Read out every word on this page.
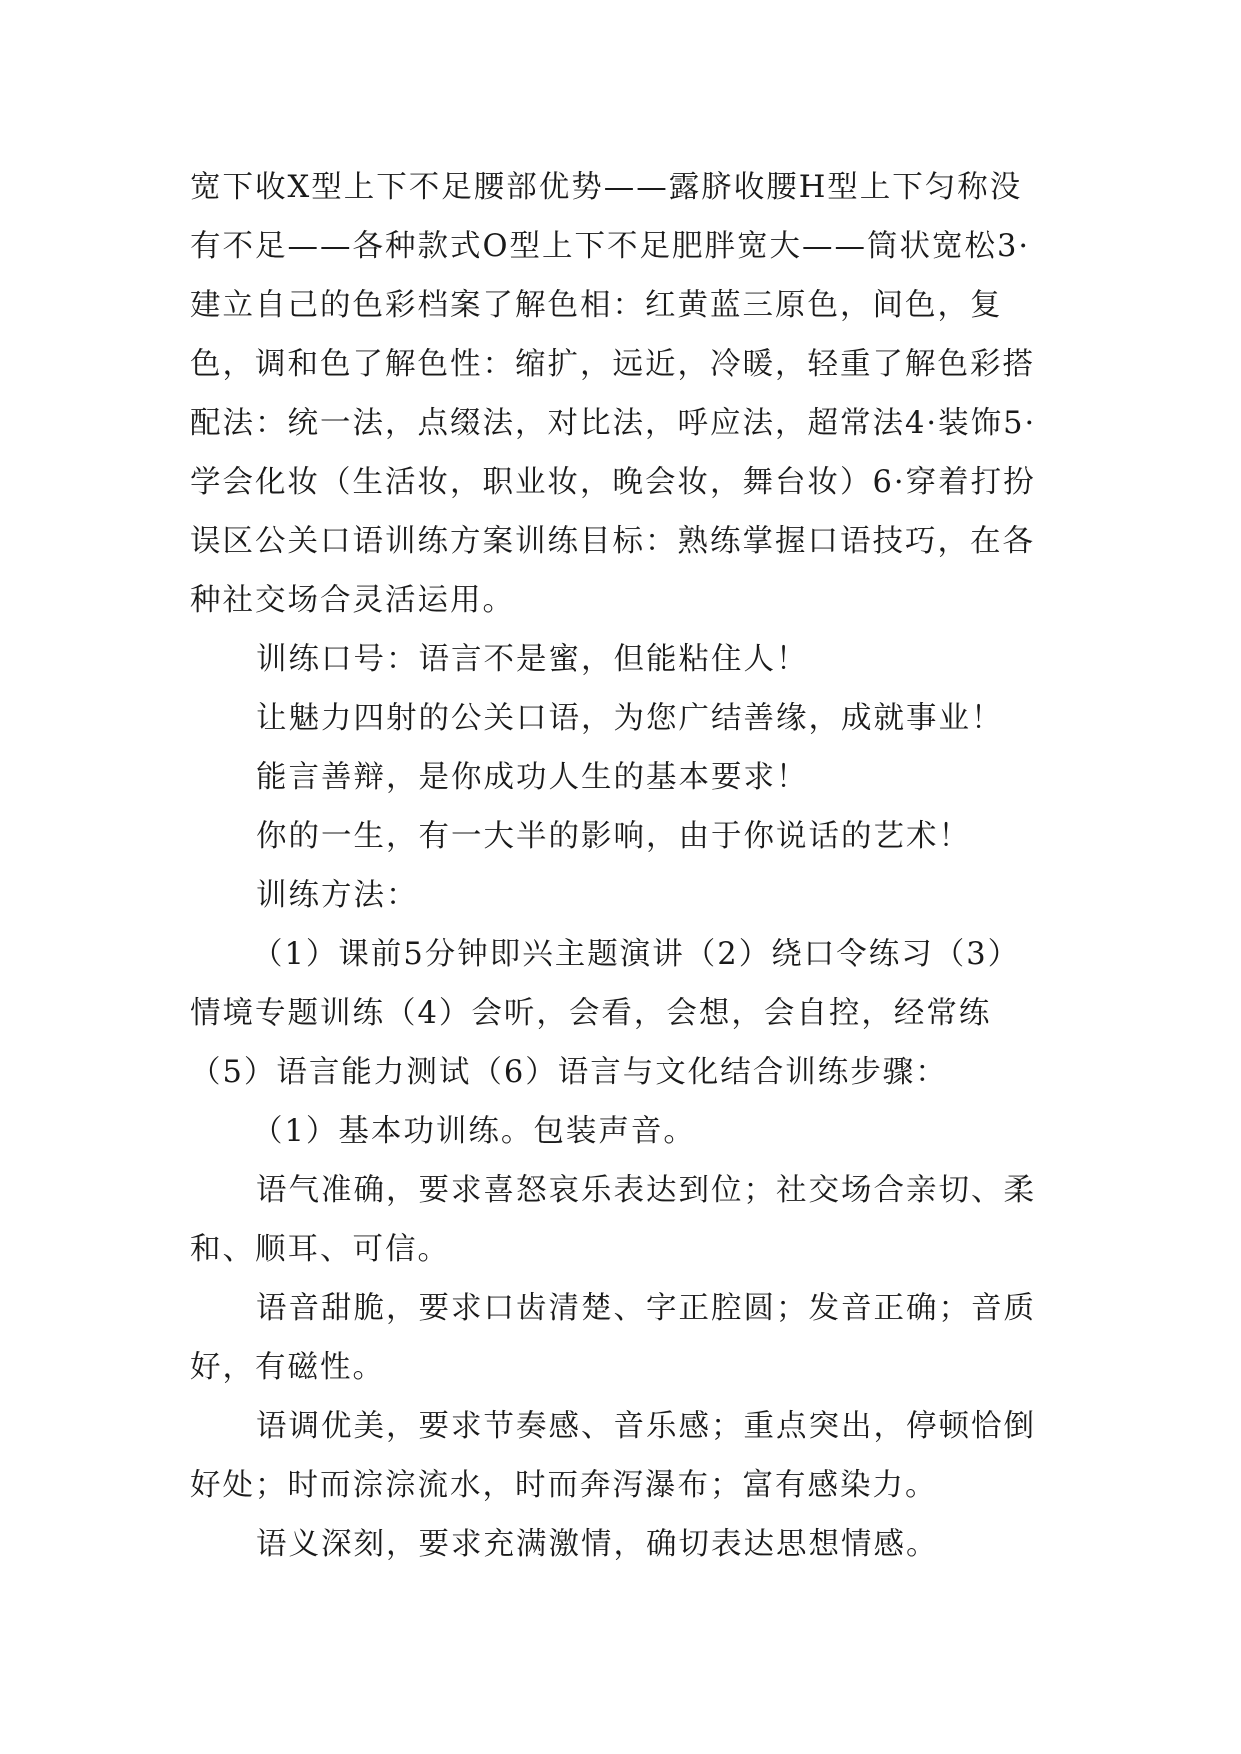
宽下收X型上下不足腰部优势——露脐收腰H型上下匀称没有不足——各种款式O型上下不足肥胖宽大——筒状宽松3·建立自己的色彩档案了解色相：红黄蓝三原色，间色，复色，调和色了解色性：缩扩，远近，冷暖，轻重了解色彩搭配法：统一法，点缀法，对比法，呼应法，超常法4·装饰5·学会化妆（生活妆，职业妆，晚会妆，舞台妆）6·穿着打扮误区公关口语训练方案训练目标：熟练掌握口语技巧，在各种社交场合灵活运用。

训练口号：语言不是蜜，但能粘住人！

让魅力四射的公关口语，为您广结善缘，成就事业！

能言善辩，是你成功人生的基本要求！

你的一生，有一大半的影响，由于你说话的艺术！

训练方法：

（1）课前5分钟即兴主题演讲（2）绕口令练习（3）情境专题训练（4）会听，会看，会想，会自控，经常练（5）语言能力测试（6）语言与文化结合训练步骤：

（1）基本功训练。包装声音。

语气准确，要求喜怒哀乐表达到位；社交场合亲切、柔和、顺耳、可信。

语音甜脆，要求口齿清楚、字正腔圆；发音正确；音质好，有磁性。

语调优美，要求节奏感、音乐感；重点突出，停顿恰倒好处；时而淙淙流水，时而奔泻瀑布；富有感染力。

语义深刻，要求充满激情，确切表达思想情感。
